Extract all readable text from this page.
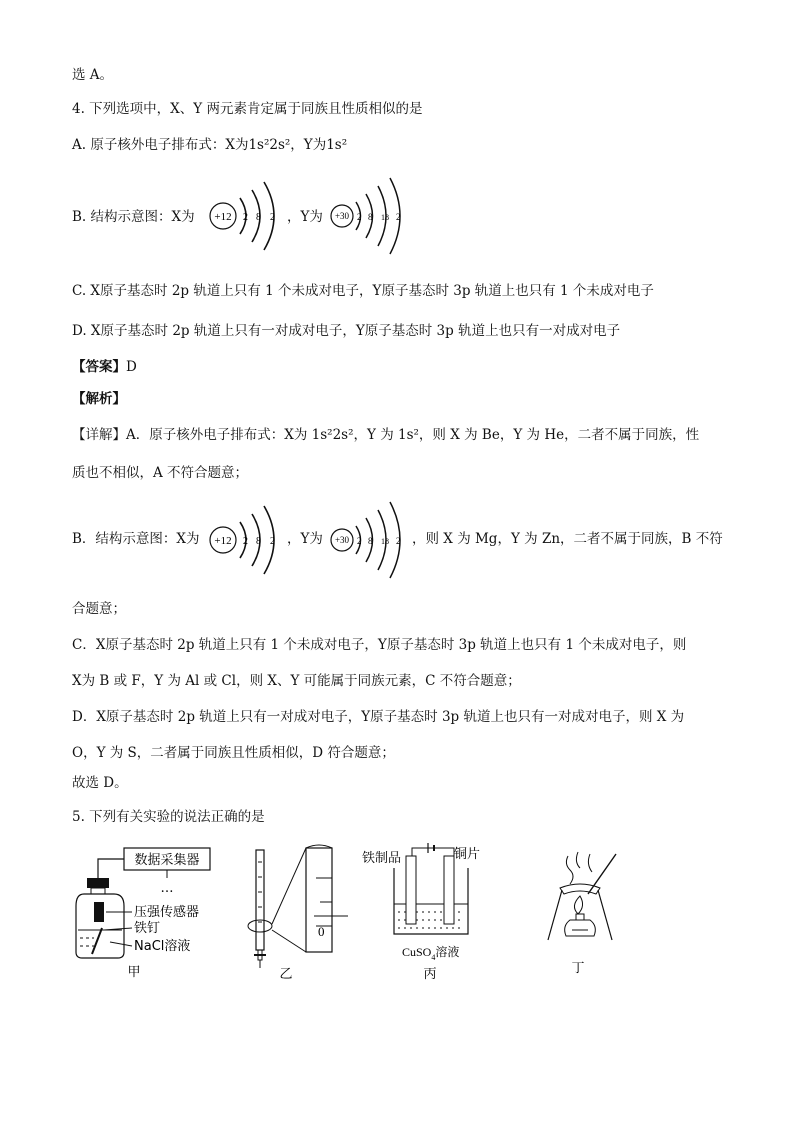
选 A。
4. 下列选项中，X、Y 两元素肯定属于同族且性质相似的是
A. 原子核外电子排布式：X为1s²2s²，Y为1s²
B. 结构示意图：X为 +12 2 8 2 ，Y为 +30 2 8 18 2
C. X原子基态时 2p 轨道上只有 1 个未成对电子，Y原子基态时 3p 轨道上也只有 1 个未成对电子
D. X原子基态时 2p 轨道上只有一对成对电子，Y原子基态时 3p 轨道上也只有一对成对电子
【答案】D
【解析】
【详解】A．原子核外电子排布式：X为 1s²2s²，Y 为 1s²，则 X 为 Be，Y 为 He，二者不属于同族，性
质也不相似，A 不符合题意；
B．结构示意图：X为 +12 2 8 2 ，Y为 +30 2 8 18 2 ，则 X 为 Mg，Y 为 Zn，二者不属于同族，B 不符
合题意；
C．X原子基态时 2p 轨道上只有 1 个未成对电子，Y原子基态时 3p 轨道上也只有 1 个未成对电子，则
X为 B 或 F，Y 为 Al 或 Cl，则 X、Y 可能属于同族元素，C 不符合题意；
D．X原子基态时 2p 轨道上只有一对成对电子，Y原子基态时 3p 轨道上也只有一对成对电子，则 X 为
O，Y 为 S，二者属于同族且性质相似，D 符合题意；
故选 D。
5. 下列有关实验的说法正确的是
数据采集器
…
压强传感器
铁钉
NaCl溶液
甲
0
乙
铁制品	铜片
CuSO$_4$溶液
丙	丁
